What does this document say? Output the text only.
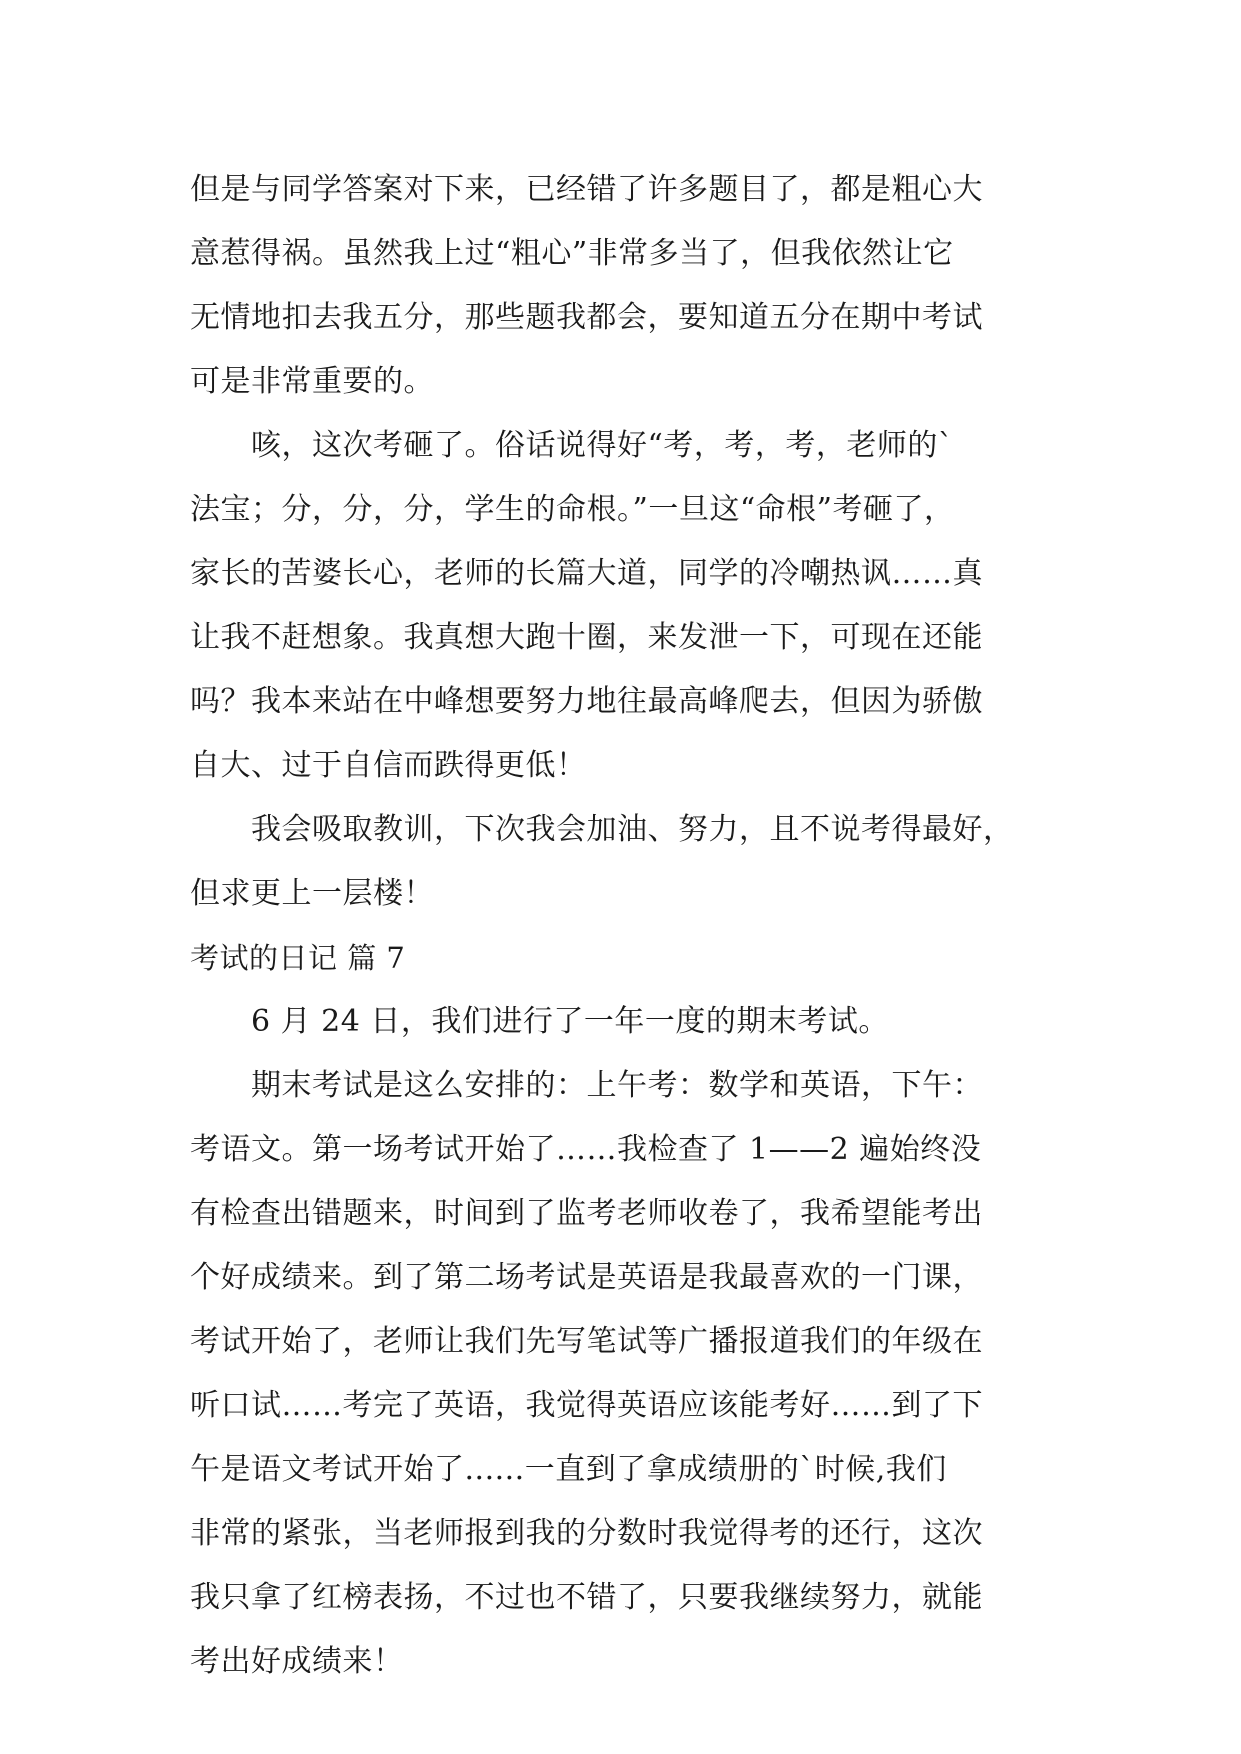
但是与同学答案对下来，已经错了许多题目了，都是粗心大
意惹得祸。虽然我上过“粗心”非常多当了，但我依然让它
无情地扣去我五分，那些题我都会，要知道五分在期中考试
可是非常重要的。
　　咳，这次考砸了。俗话说得好“考，考，考，老师的`
法宝；分，分，分，学生的命根。”一旦这“命根”考砸了，
家长的苦婆长心，老师的长篇大道，同学的冷嘲热讽……真
让我不赶想象。我真想大跑十圈，来发泄一下，可现在还能
吗？我本来站在中峰想要努力地往最高峰爬去，但因为骄傲
自大、过于自信而跌得更低！
　　我会吸取教训，下次我会加油、努力，且不说考得最好，
但求更上一层楼！
考试的日记 篇 7
　　6 月 24 日，我们进行了一年一度的期末考试。
　　期末考试是这么安排的：上午考：数学和英语，下午：
考语文。第一场考试开始了……我检查了 1——2 遍始终没
有检查出错题来，时间到了监考老师收卷了，我希望能考出
个好成绩来。到了第二场考试是英语是我最喜欢的一门课，
考试开始了，老师让我们先写笔试等广播报道我们的年级在
听口试……考完了英语，我觉得英语应该能考好……到了下
午是语文考试开始了......一直到了拿成绩册的`时候,我们
非常的紧张，当老师报到我的分数时我觉得考的还行，这次
我只拿了红榜表扬，不过也不错了，只要我继续努力，就能
考出好成绩来！
